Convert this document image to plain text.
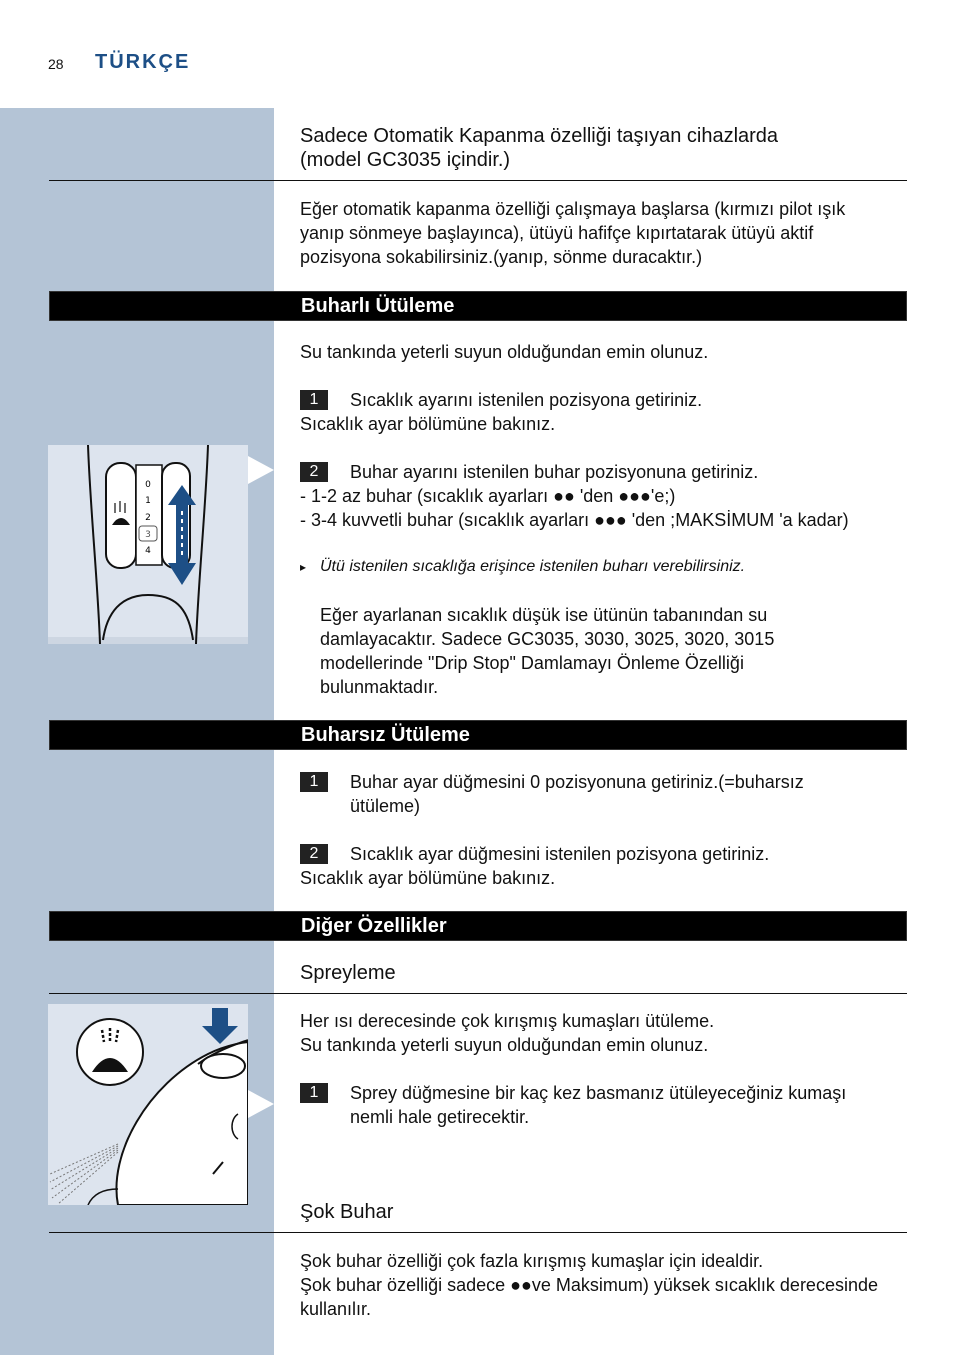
28 TÜRKÇE
Sadece Otomatik Kapanma özelliği taşıyan cihazlarda
(model GC3035 içindir.)
Eğer otomatik kapanma özelliği çalışmaya başlarsa (kırmızı pilot ışık
yanıp sönmeye başlayınca), ütüyü hafifçe kıpırtatarak ütüyü aktif
pozisyona sokabilirsiniz.(yanıp, sönme duracaktır.)
Buharlı Ütüleme
Su tankında yeterli suyun olduğundan emin olunuz.
1 Sıcaklık ayarını istenilen pozisyona getiriniz.
Sıcaklık ayar bölümüne bakınız.
0
1
2
3
4
2 Buhar ayarını istenilen buhar pozisyonuna getiriniz.
- 1-2 az buhar (sıcaklık ayarları ●● 'den ●●●'e;)
- 3-4 kuvvetli buhar (sıcaklık ayarları ●●● 'den ;MAKSİMUM 'a kadar)
▸ Ütü istenilen sıcaklığa erişince istenilen buharı verebilirsiniz.
Eğer ayarlanan sıcaklık düşük ise ütünün tabanından su
damlayacaktır. Sadece GC3035, 3030, 3025, 3020, 3015
modellerinde "Drip Stop" Damlamayı Önleme Özelliği
bulunmaktadır.
Buharsız Ütüleme
1 Buhar ayar düğmesini 0 pozisyonuna getiriniz.(=buharsız
ütüleme)
2 Sıcaklık ayar düğmesini istenilen pozisyona getiriniz.
Sıcaklık ayar bölümüne bakınız.
Diğer Özellikler
Spreyleme
Her ısı derecesinde çok kırışmış kumaşları ütüleme.
Su tankında yeterli suyun olduğundan emin olunuz.
1 Sprey düğmesine bir kaç kez basmanız ütüleyeceğiniz kumaşı
nemli hale getirecektir.
Şok Buhar
Şok buhar özelliği çok fazla kırışmış kumaşlar için idealdir.
Şok buhar özelliği sadece ●●ve Maksimum) yüksek sıcaklık derecesinde
kullanılır.
